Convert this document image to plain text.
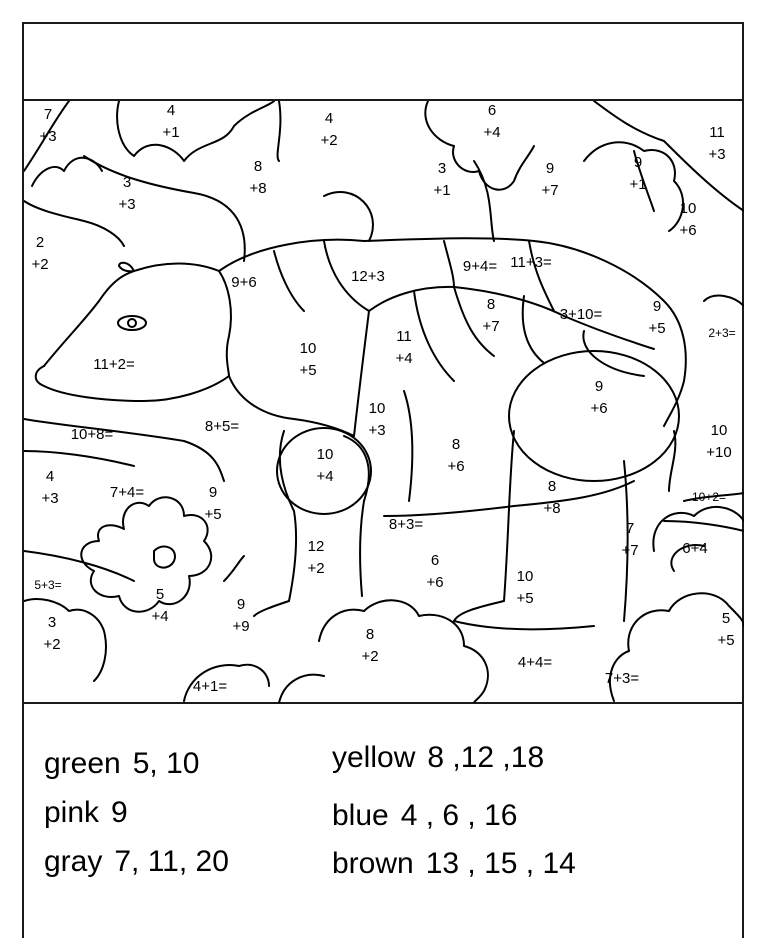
7 +3
4 +1
4 +2
6 +4	11 +3
3 +3
8 +8
3 +1
9 +7
9 +1
2 +2
10 +6
9+6	12+3
9+4= 11+3=
8 +7
3+10=	9 +5	2+3=
11+2=
10 +5
11 +4
9 +6
10+8=	8+5=
10 +3	10 +10
10 +4
8 +6
4 +3	7+4=	9 +5
8 +8
10+2=
8+3=	7 +7	6+4
12 +2	6 +6
5+3=	10 +5
5 +4
9 +9
3 +2
5 +5
8 +2	4+4=
7+3=
4+1=
green 5, 10
pink 9
gray 7, 11, 20
yellow 8 ,12 ,18
blue 4 , 6 , 16
brown 13 , 15 , 14
